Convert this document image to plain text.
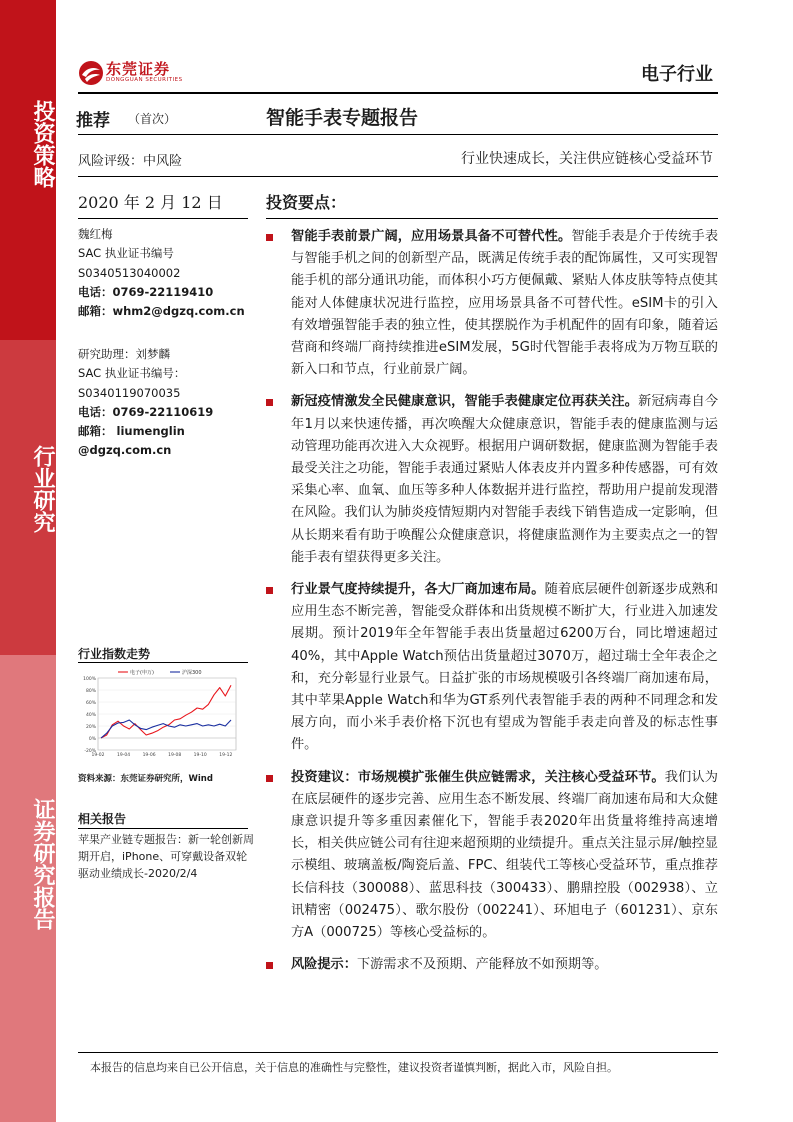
投资策略
行业研究
证券研究报告
东莞证券
DONGGUAN SECURITIES	电子行业
推荐 （首次）	智能手表专题报告
风险评级：中风险	行业快速成长，关注供应链核心受益环节
2020 年 2 月 12 日	投资要点：
魏红梅
SAC 执业证书编号
S0340513040002
电话：0769-22119410
邮箱：whm2@dgzq.com.cn
研究助理：刘梦麟
SAC 执业证书编号：
S0340119070035
电话：0769-22110619
邮箱： liumenglin
@dgzq.com.cn
行业指数走势
100%
80%
60%
40%
20%
0%
-20%
19-02	19-04	19-06	19-08	19-10	19-12
电子(申万)	沪深300
资料来源：东莞证券研究所，Wind
相关报告
苹果产业链专题报告：新一轮创新周期开启，iPhone、可穿戴设备双轮驱动业绩成长-2020/2/4
智能手表前景广阔，应用场景具备不可替代性。智能手表是介于传统手表与智能手机之间的创新型产品，既满足传统手表的配饰属性，又可实现智能手机的部分通讯功能，而体积小巧方便佩戴、紧贴人体皮肤等特点使其能对人体健康状况进行监控，应用场景具备不可替代性。eSIM卡的引入有效增强智能手表的独立性，使其摆脱作为手机配件的固有印象，随着运营商和终端厂商持续推进eSIM发展，5G时代智能手表将成为万物互联的新入口和节点，行业前景广阔。
新冠疫情激发全民健康意识，智能手表健康定位再获关注。新冠病毒自今年1月以来快速传播，再次唤醒大众健康意识，智能手表的健康监测与运动管理功能再次进入大众视野。根据用户调研数据，健康监测为智能手表最受关注之功能，智能手表通过紧贴人体表皮并内置多种传感器，可有效采集心率、血氧、血压等多种人体数据并进行监控，帮助用户提前发现潜在风险。我们认为肺炎疫情短期内对智能手表线下销售造成一定影响，但从长期来看有助于唤醒公众健康意识，将健康监测作为主要卖点之一的智能手表有望获得更多关注。
行业景气度持续提升，各大厂商加速布局。随着底层硬件创新逐步成熟和应用生态不断完善，智能受众群体和出货规模不断扩大，行业进入加速发展期。预计2019年全年智能手表出货量超过6200万台，同比增速超过40%，其中Apple Watch预估出货量超过3070万，超过瑞士全年表企之和，充分彰显行业景气。日益扩张的市场规模吸引各终端厂商加速布局，其中苹果Apple Watch和华为GT系列代表智能手表的两种不同理念和发展方向，而小米手表价格下沉也有望成为智能手表走向普及的标志性事件。
投资建议：市场规模扩张催生供应链需求，关注核心受益环节。我们认为在底层硬件的逐步完善、应用生态不断发展、终端厂商加速布局和大众健康意识提升等多重因素催化下，智能手表2020年出货量将维持高速增长，相关供应链公司有往迎来超预期的业绩提升。重点关注显示屏/触控显示模组、玻璃盖板/陶瓷后盖、FPC、组装代工等核心受益环节，重点推荐长信科技（300088）、蓝思科技（300433）、鹏鼎控股（002938）、立讯精密（002475）、歌尔股份（002241）、环旭电子（601231）、京东方A（000725）等核心受益标的。
风险提示：下游需求不及预期、产能释放不如预期等。
本报告的信息均来自已公开信息，关于信息的准确性与完整性，建议投资者谨慎判断，据此入市，风险自担。
